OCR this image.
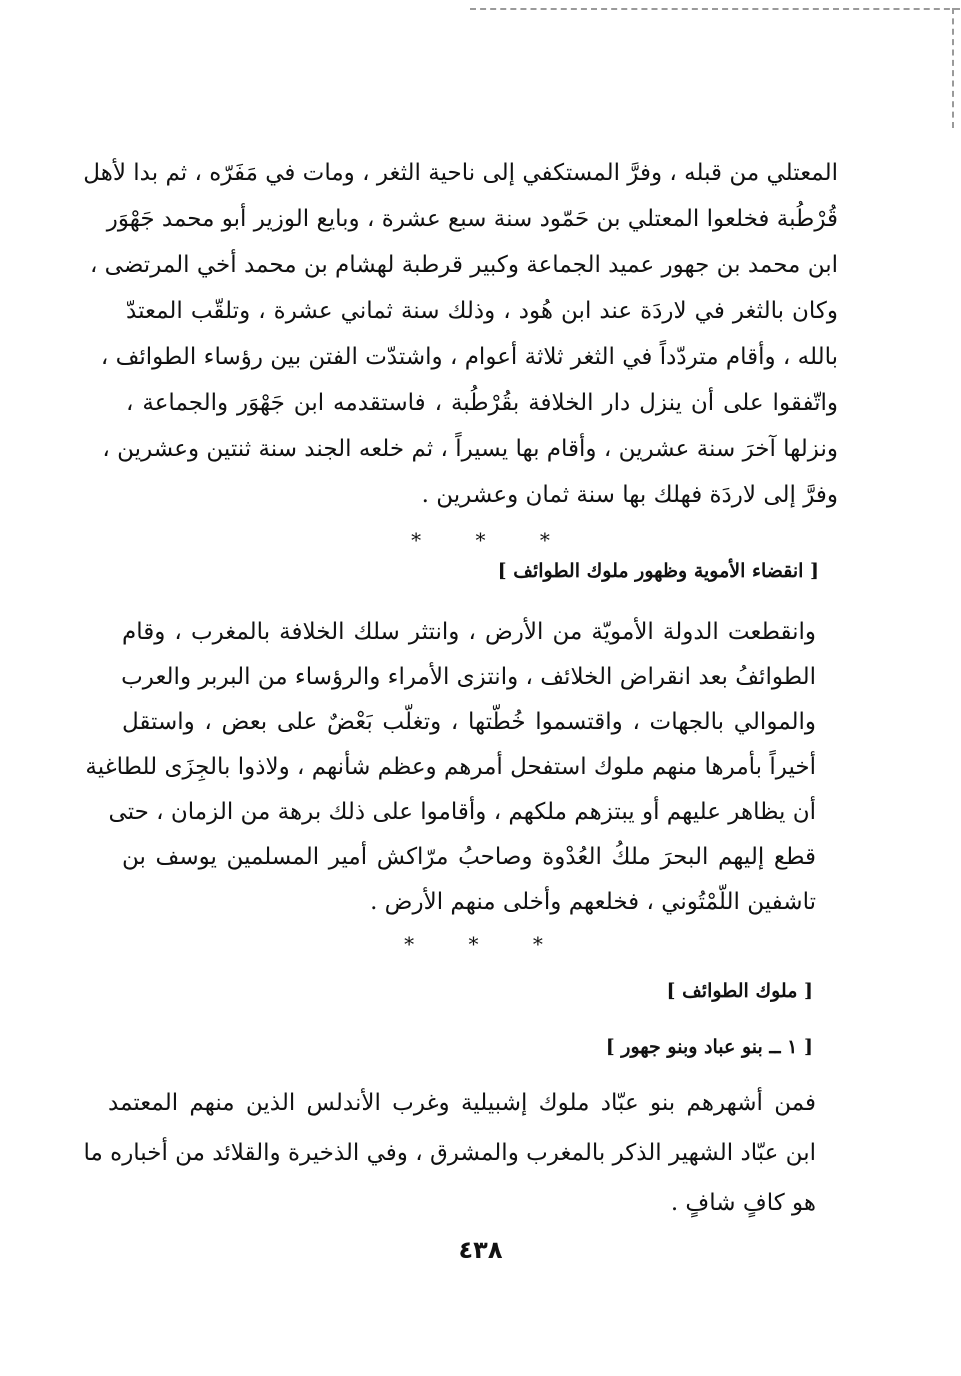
المعتلي من قبله ، وفرَّ المستكفي إلى ناحية الثغر ، ومات في مَفَرّه ، ثم بدا لأهل
قُرْطُبة فخلعوا المعتلي بن حَمّود سنة سبع عشرة ، وبايع الوزير أبو محمد جَهْوَر
ابن محمد بن جهور عميد الجماعة وكبير قرطبة لهشام بن محمد أخي المرتضى ،
وكان بالثغر في لاردَة عند ابن هُود ، وذلك سنة ثماني عشرة ، وتلقّب المعتدّ
بالله ، وأقام متردّداً في الثغر ثلاثة أعوام ، واشتدّت الفتن بين رؤساء الطوائف ،
واتّفقوا على أن ينزل دار الخلافة بقُرْطُبة ، فاستقدمه ابن جَهْوَر والجماعة ،
ونزلها آخرَ سنة عشرين ، وأقام بها يسيراً ، ثم خلعه الجند سنة ثنتين وعشرين ،
وفرَّ إلى لاردَة فهلك بها سنة ثمان وعشرين .
* * *
[ انقضاء الأموية وظهور ملوك الطوائف ]
وانقطعت الدولة الأمويّة من الأرض ، وانتثر سلك الخلافة بالمغرب ، وقام
الطوائفُ بعد انقراض الخلائف ، وانتزى الأمراء والرؤساء من البربر والعرب
والموالي بالجهات ، واقتسموا خُطّتها ، وتغلّب بَعْضٌ على بعض ، واستقل
أخيراً بأمرها منهم ملوك استفحل أمرهم وعظم شأنهم ، ولاذوا بالجِزَى للطاغية
أن يظاهر عليهم أو يبتزهم ملكهم ، وأقاموا على ذلك برهة من الزمان ، حتى
قطع إليهم البحرَ ملكُ العُدْوة وصاحبُ مرّاكش أمير المسلمين يوسف بن
تاشفين اللّمْتُوني ، فخلعهم وأخلى منهم الأرض .
* * *
[ ملوك الطوائف ]
[ ١ ــ بنو عباد وبنو جهور ]
فمن أشهرهم بنو عبّاد ملوك إشبيلية وغرب الأندلس الذين منهم المعتمد
ابن عبّاد الشهير الذكر بالمغرب والمشرق ، وفي الذخيرة والقلائد من أخباره ما
هو كافٍ شافٍ .
٤٣٨
